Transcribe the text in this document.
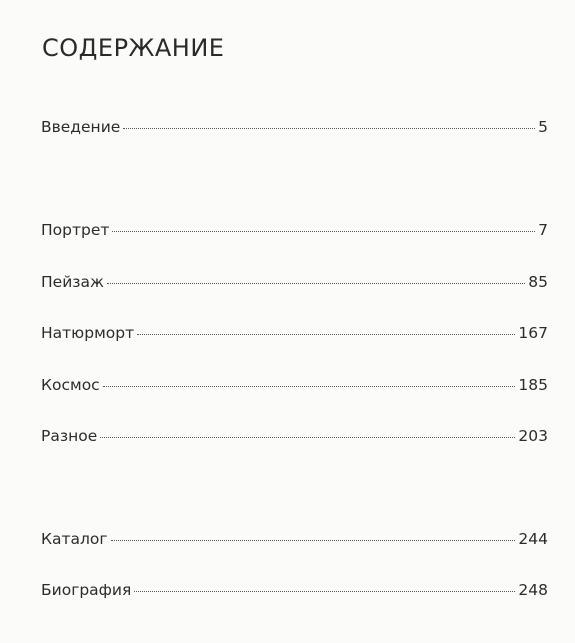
СОДЕРЖАНИЕ
Введение	5
Портрет	7
Пейзаж	85
Натюрморт	167
Космос	185
Разное	203
Каталог	244
Биография	248
